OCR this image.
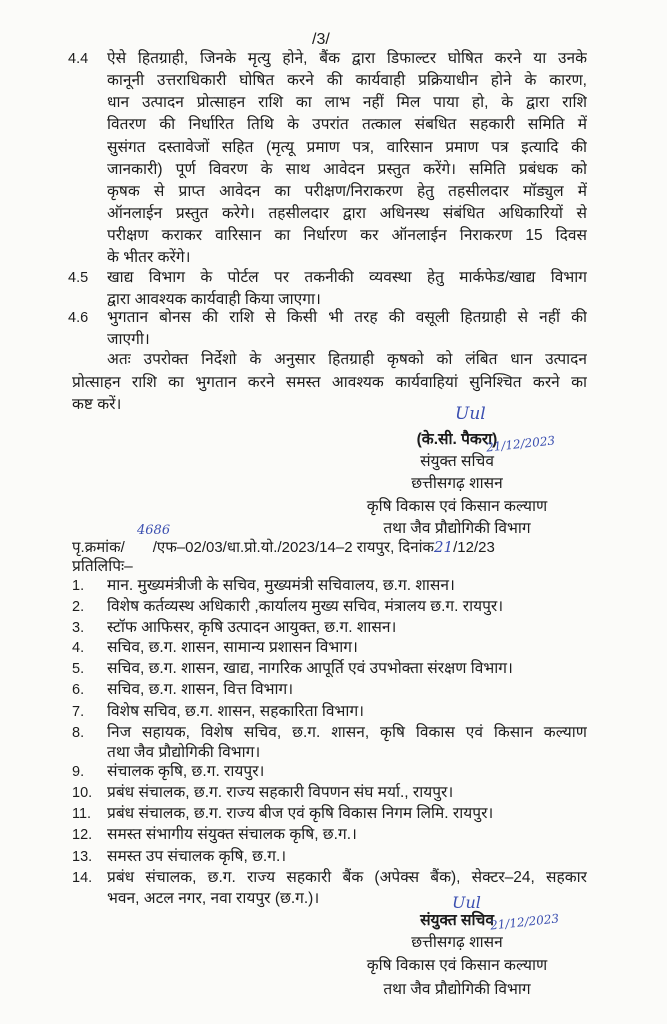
/3/
4.4 ऐसे हितग्राही, जिनके मृत्यु होने, बैंक द्वारा डिफाल्टर घोषित करने या उनके
कानूनी उत्तराधिकारी घोषित करने की कार्यवाही प्रक्रियाधीन होने के कारण,
धान उत्पादन प्रोत्साहन राशि का लाभ नहीं मिल पाया हो, के द्वारा राशि
वितरण की निर्धारित तिथि के उपरांत तत्काल संबधित सहकारी समिति में
सुसंगत दस्तावेजों सहित (मृत्यू प्रमाण पत्र, वारिसान प्रमाण पत्र इत्यादि की
जानकारी) पूर्ण विवरण के साथ आवेदन प्रस्तुत करेंगे। समिति प्रबंधक को
कृषक से प्राप्त आवेदन का परीक्षण/निराकरण हेतु तहसीलदार मॉड्युल में
ऑनलाईन प्रस्तुत करेगे। तहसीलदार द्वारा अधिनस्थ संबंधित अधिकारियों से
परीक्षण कराकर वारिसान का निर्धारण कर ऑनलाईन निराकरण 15 दिवस
के भीतर करेंगे।
4.5 खाद्य विभाग के पोर्टल पर तकनीकी व्यवस्था हेतु मार्कफेड/खाद्य विभाग
द्वारा आवश्यक कार्यवाही किया जाएगा।
4.6 भुगतान बोनस की राशि से किसी भी तरह की वसूली हितग्राही से नहीं की
जाएगी।
अतः उपरोक्त निर्देशो के अनुसार हितग्राही कृषको को लंबित धान उत्पादन
प्रोत्साहन राशि का भुगतान करने समस्त आवश्यक कार्यवाहियां सुनिश्चित करने का
कष्ट करें।	Uul
(के.सी. पैकरा)
21/12/2023
संयुक्त सचिव
छत्तीसगढ़ शासन
कृषि विकास एवं किसान कल्याण
तथा जैव प्रौद्योगिकी विभाग
4686
पृ.क्रमांक/ /एफ–02/03/धा.प्रो.यो./2023/14–2 रायपुर, दिनांक21/12/23
प्रतिलिपिः–
1. मान. मुख्यमंत्रीजी के सचिव, मुख्यमंत्री सचिवालय, छ.ग. शासन।
2. विशेष कर्तव्यस्थ अधिकारी ,कार्यालय मुख्य सचिव, मंत्रालय छ.ग. रायपुर।
3. स्टॉफ आफिसर, कृषि उत्पादन आयुक्त, छ.ग. शासन।
4. सचिव, छ.ग. शासन, सामान्य प्रशासन विभाग।
5. सचिव, छ.ग. शासन, खाद्य, नागरिक आपूर्ति एवं उपभोक्ता संरक्षण विभाग।
6. सचिव, छ.ग. शासन, वित्त विभाग।
7. विशेष सचिव, छ.ग. शासन, सहकारिता विभाग।
8. निज सहायक, विशेष सचिव, छ.ग. शासन, कृषि विकास एवं किसान कल्याण
तथा जैव प्रौद्योगिकी विभाग।
9. संचालक कृषि, छ.ग. रायपुर।
10. प्रबंध संचालक, छ.ग. राज्य सहकारी विपणन संघ मर्या., रायपुर।
11. प्रबंध संचालक, छ.ग. राज्य बीज एवं कृषि विकास निगम लिमि. रायपुर।
12. समस्त संभागीय संयुक्त संचालक कृषि, छ.ग.।
13. समस्त उप संचालक कृषि, छ.ग.।
14. प्रबंध संचालक, छ.ग. राज्य सहकारी बैंक (अपेक्स बैंक), सेक्टर–24, सहकार
भवन, अटल नगर, नवा रायपुर (छ.ग.)।	Uul
संयुक्त सचिव
21/12/2023
छत्तीसगढ़ शासन
कृषि विकास एवं किसान कल्याण
तथा जैव प्रौद्योगिकी विभाग
